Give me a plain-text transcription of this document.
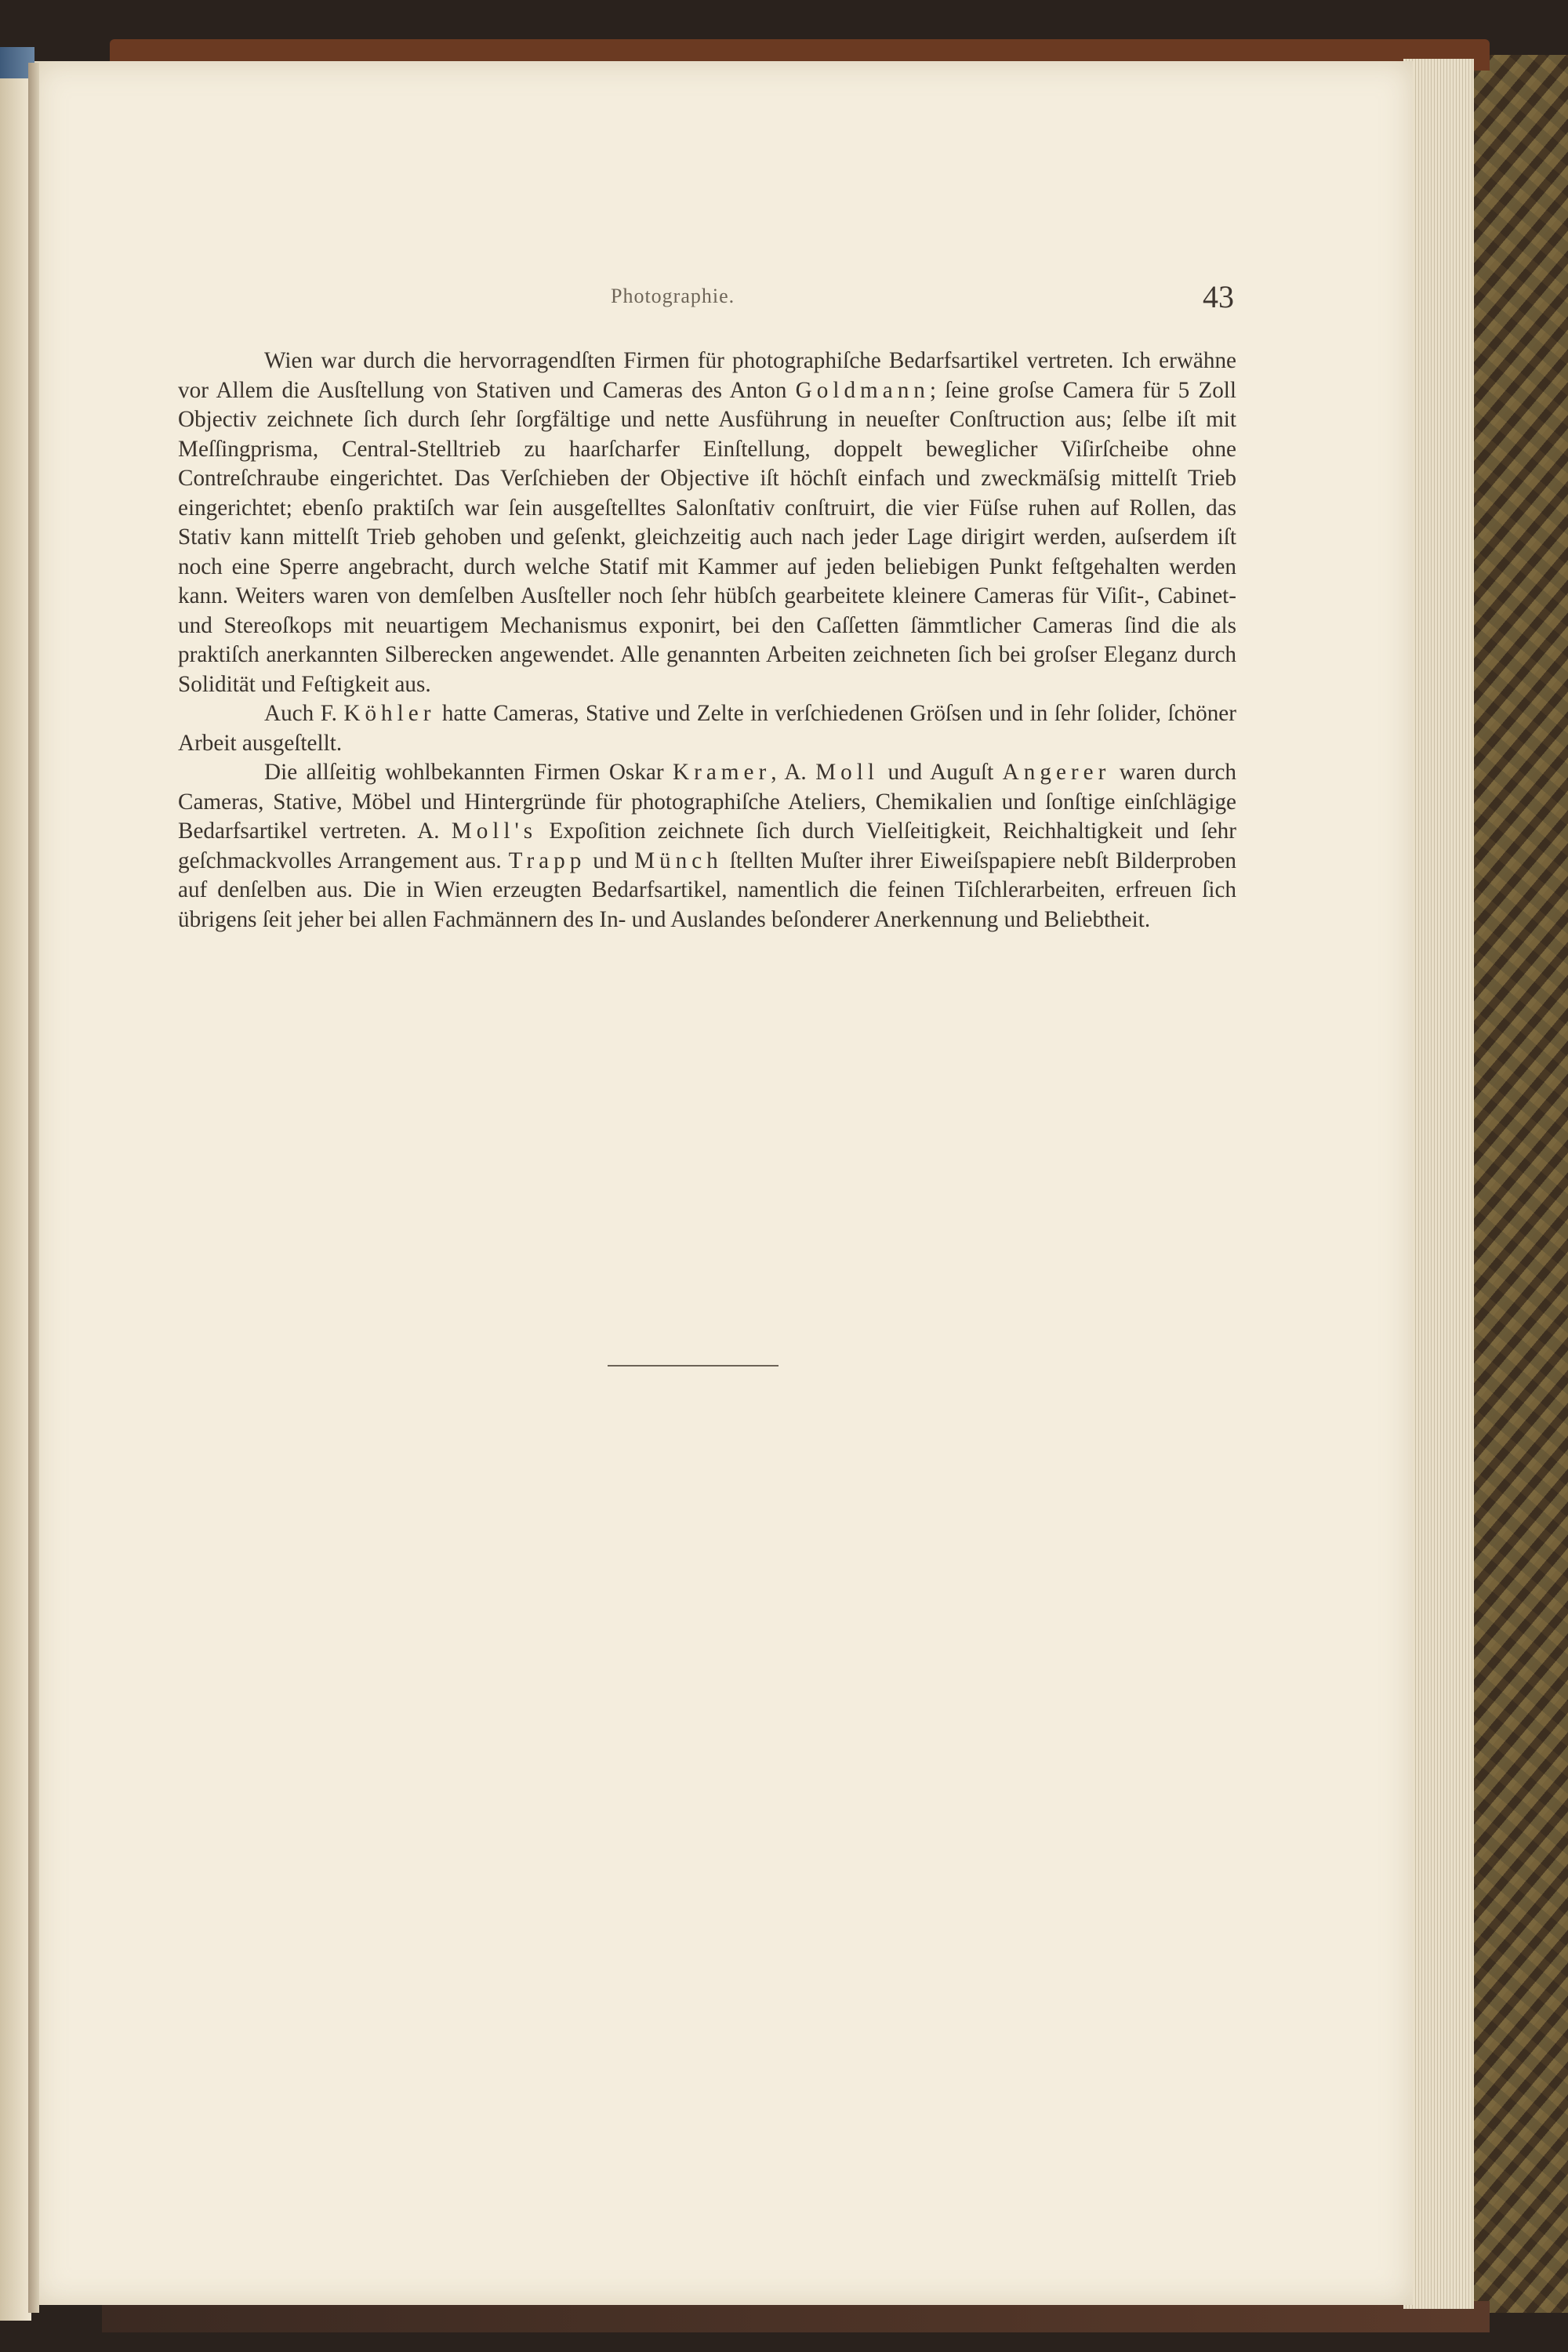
Photographie.	43

Wien war durch die hervorragendſten Firmen für photographiſche Bedarfsartikel vertreten. Ich erwähne vor Allem die Ausſtellung von Stativen und Cameras des Anton Goldmann; ſeine groſse Camera für 5 Zoll Objectiv zeichnete ſich durch ſehr ſorgfältige und nette Ausführung in neueſter Conſtruction aus; ſelbe iſt mit Meſſingprisma, Central-Stelltrieb zu haarſcharfer Einſtellung, doppelt beweglicher Viſirſcheibe ohne Contreſchraube eingerichtet. Das Verſchieben der Objective iſt höchſt einfach und zweckmäſsig mittelſt Trieb eingerichtet; ebenſo praktiſch war ſein ausgeſtelltes Salonſtativ conſtruirt, die vier Füſse ruhen auf Rollen, das Stativ kann mittelſt Trieb gehoben und geſenkt, gleichzeitig auch nach jeder Lage dirigirt werden, auſserdem iſt noch eine Sperre angebracht, durch welche Statif mit Kammer auf jeden beliebigen Punkt feſtgehalten werden kann. Weiters waren von demſelben Ausſteller noch ſehr hübſch gearbeitete kleinere Cameras für Viſit-, Cabinet- und Stereoſkops mit neuartigem Mechanismus exponirt, bei den Caſſetten ſämmtlicher Cameras ſind die als praktiſch anerkannten Silberecken angewendet. Alle genannten Arbeiten zeichneten ſich bei groſser Eleganz durch Solidität und Feſtigkeit aus.

Auch F. Köhler hatte Cameras, Stative und Zelte in verſchiedenen Gröſsen und in ſehr ſolider, ſchöner Arbeit ausgeſtellt.

Die allſeitig wohlbekannten Firmen Oskar Kramer, A. Moll und Auguſt Angerer waren durch Cameras, Stative, Möbel und Hintergründe für photographiſche Ateliers, Chemikalien und ſonſtige einſchlägige Bedarfsartikel vertreten. A. Moll's Expoſition zeichnete ſich durch Vielſeitigkeit, Reichhaltigkeit und ſehr geſchmackvolles Arrangement aus. Trapp und Münch ſtellten Muſter ihrer Eiweiſspapiere nebſt Bilderproben auf denſelben aus. Die in Wien erzeugten Bedarfsartikel, namentlich die feinen Tiſchlerarbeiten, erfreuen ſich übrigens ſeit jeher bei allen Fachmännern des In- und Auslandes beſonderer Anerkennung und Beliebtheit.
